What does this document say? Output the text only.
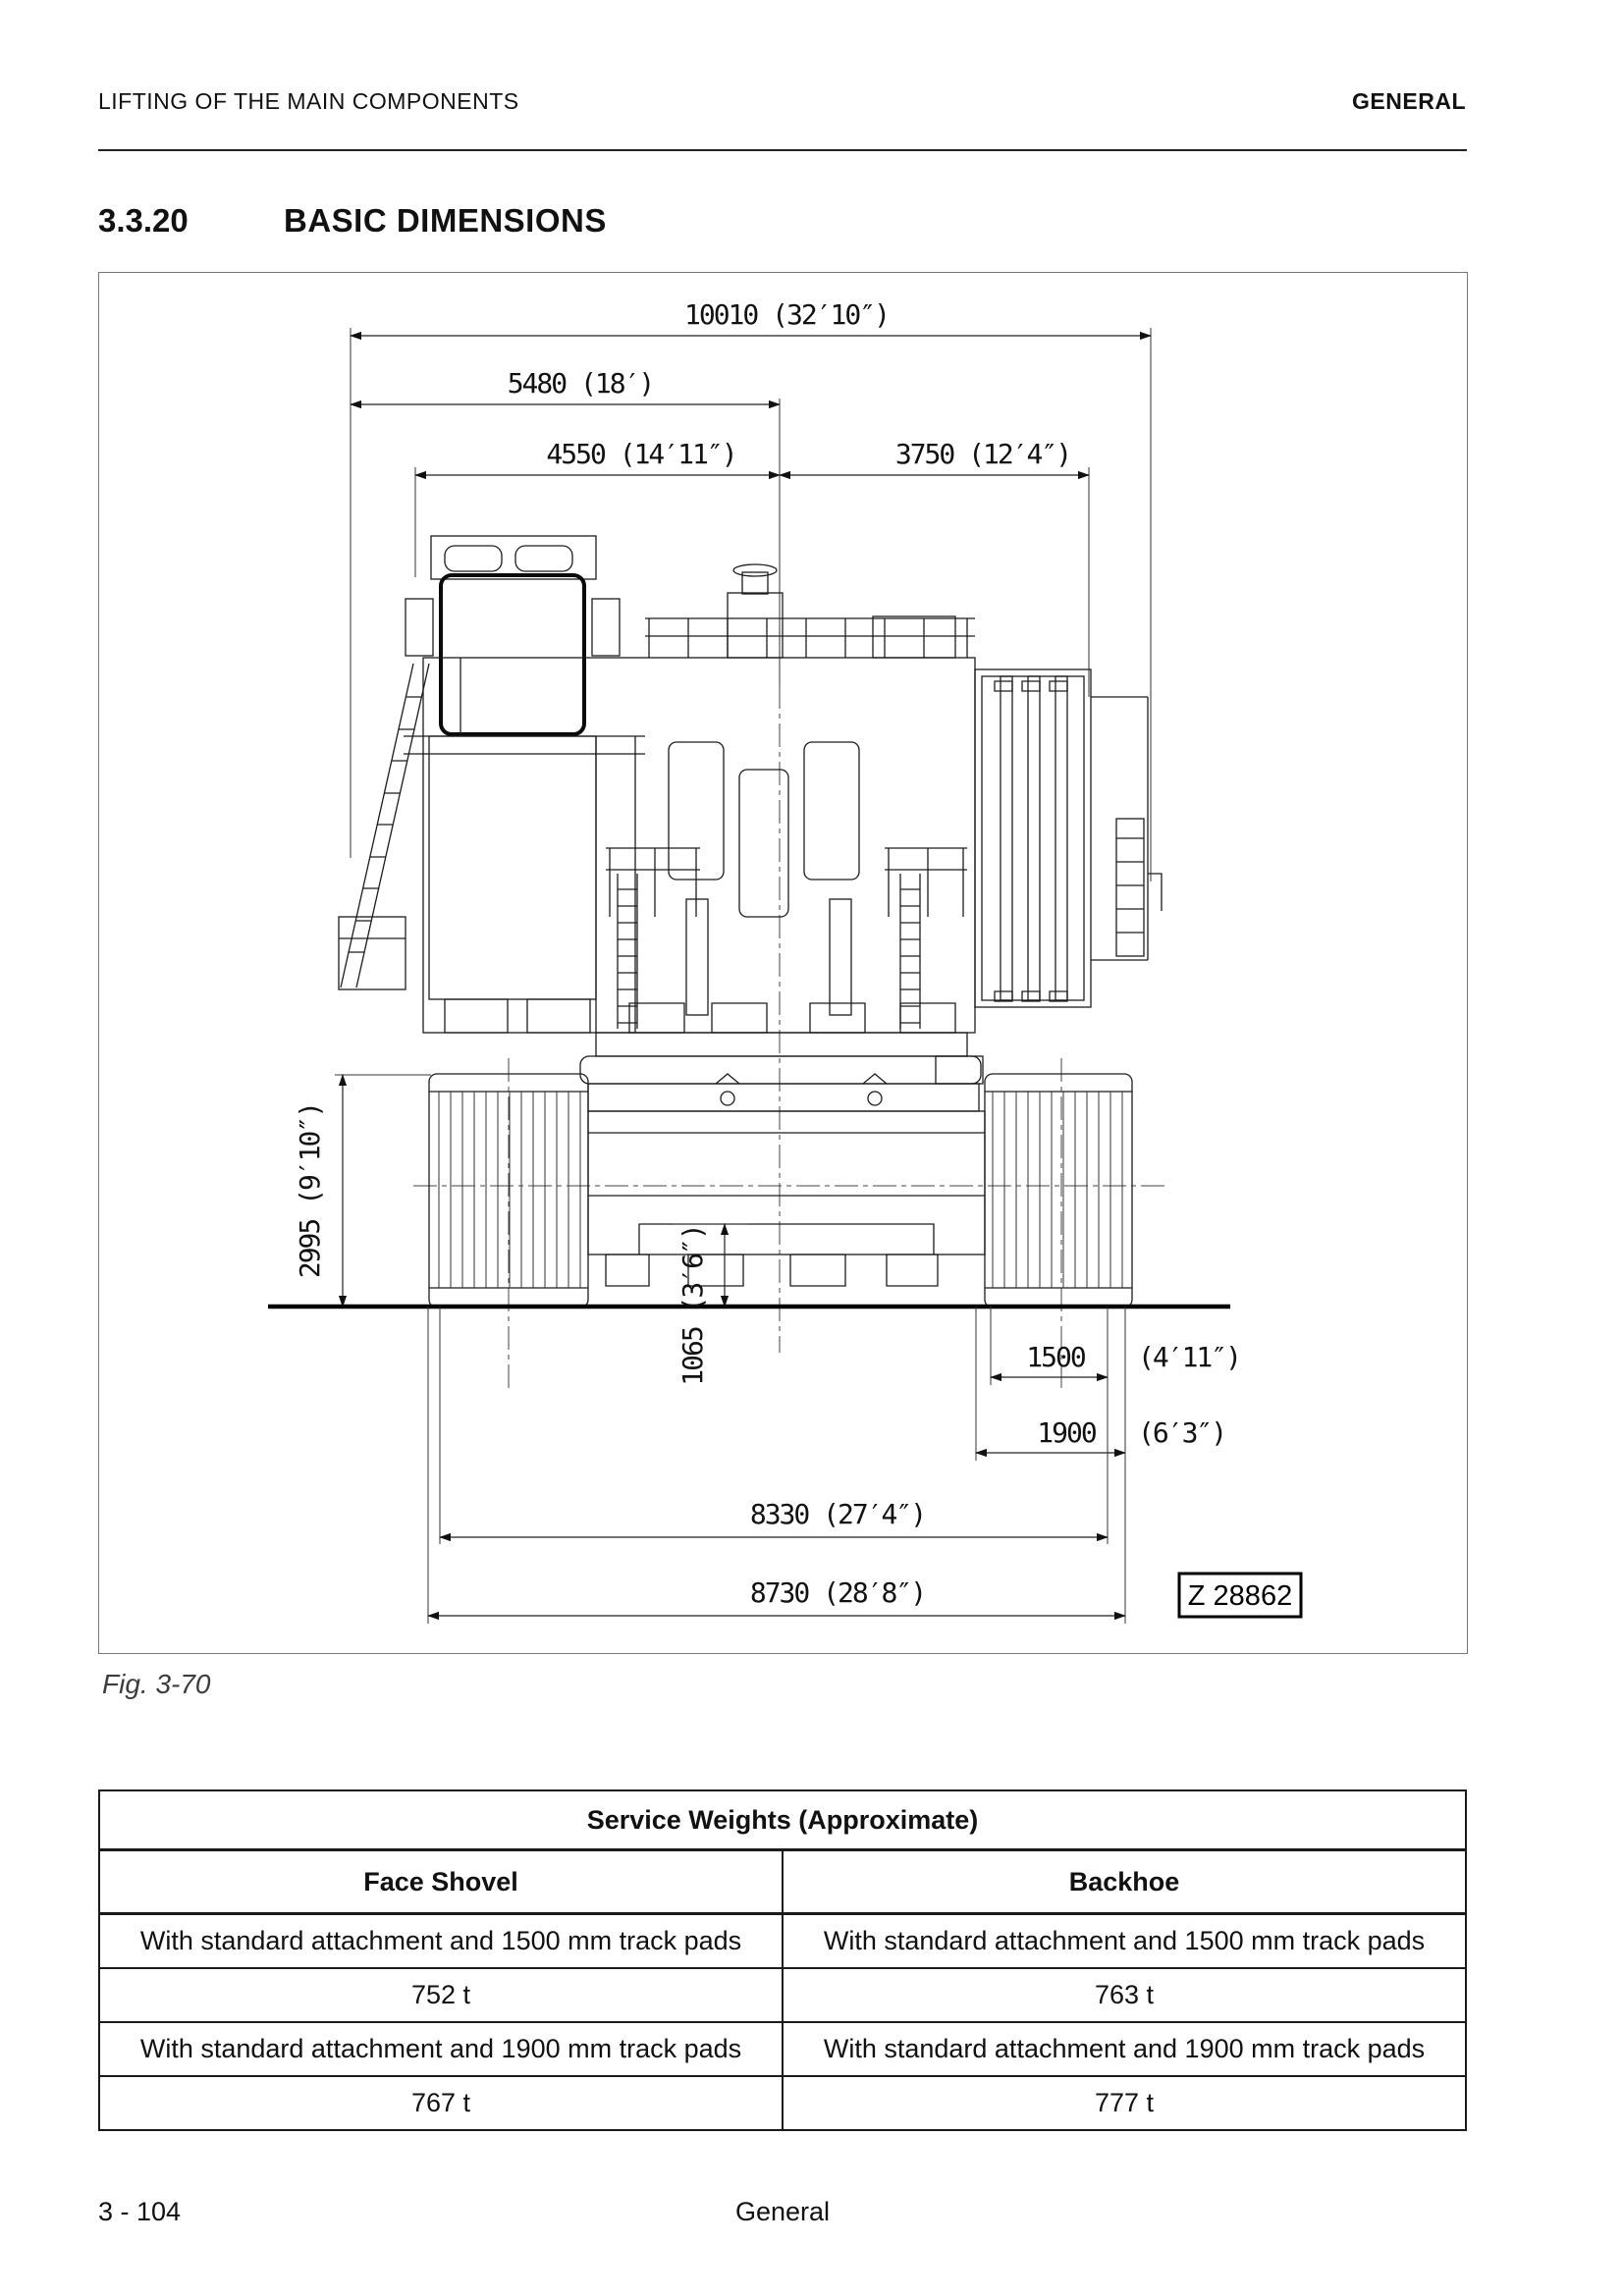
LIFTING OF THE MAIN COMPONENTS	GENERAL
3.3.20	BASIC DIMENSIONS
10010 (32′10″)
5480 (18′)
4550 (14′11″)	3750 (12′4″)
2995 (9′10″)
1065 (3′6″)	1500 (4′11″)
1900 (6′3″)
8330 (27′4″)
8730 (28′8″)	Z 28862
Fig. 3-70
Service Weights (Approximate)	
Face Shovel	Backhoe
With standard attachment and 1500 mm track pads	With standard attachment and 1500 mm track pads
752 t	763 t
With standard attachment and 1900 mm track pads	With standard attachment and 1900 mm track pads
767 t	777 t
3 - 104	General
